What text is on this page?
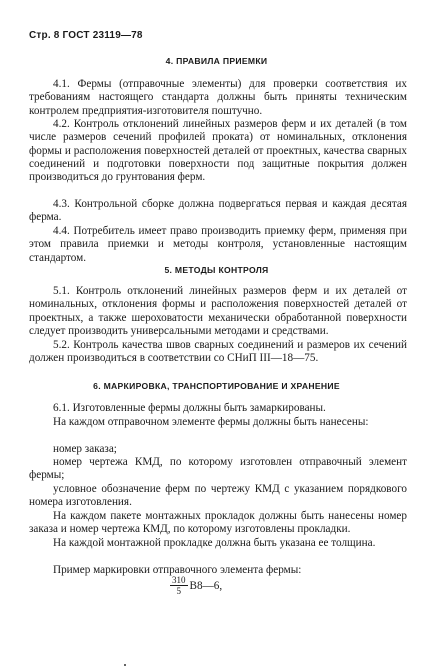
Стр. 8 ГОСТ 23119—78
4. ПРАВИЛА ПРИЕМКИ
4.1. Фермы (отправочные элементы) для проверки соответствия их требованиям настоящего стандарта должны быть приняты техническим контролем предприятия-изготовителя поштучно.
4.2. Контроль отклонений линейных размеров ферм и их деталей (в том числе размеров сечений профилей проката) от номинальных, отклонения формы и расположения поверхностей деталей от проектных, качества сварных соединений и подготовки поверхности под защитные покрытия должен производиться до грунтования ферм.
4.3. Контрольной сборке должна подвергаться первая и каждая десятая ферма.
4.4. Потребитель имеет право производить приемку ферм, применяя при этом правила приемки и методы контроля, установленные настоящим стандартом.
5. МЕТОДЫ КОНТРОЛЯ
5.1. Контроль отклонений линейных размеров ферм и их деталей от номинальных, отклонения формы и расположения поверхностей деталей от проектных, а также шероховатости механически обработанной поверхности следует производить универсальными методами и средствами.
5.2. Контроль качества швов сварных соединений и размеров их сечений должен производиться в соответствии со СНиП III—18—75.
6. МАРКИРОВКА, ТРАНСПОРТИРОВАНИЕ И ХРАНЕНИЕ
6.1. Изготовленные фермы должны быть замаркированы.
На каждом отправочном элементе фермы должны быть нанесены:
номер заказа;
номер чертежа КМД, по которому изготовлен отправочный элемент фермы;
условное обозначение ферм по чертежу КМД с указанием порядкового номера изготовления.
На каждом пакете монтажных прокладок должны быть нанесены номер заказа и номер чертежа КМД, по которому изготовлены прокладки.
На каждой монтажной прокладке должна быть указана ее толщина.
Пример маркировки отправочного элемента фермы:
$\frac{310}{5}$ В8—6,
